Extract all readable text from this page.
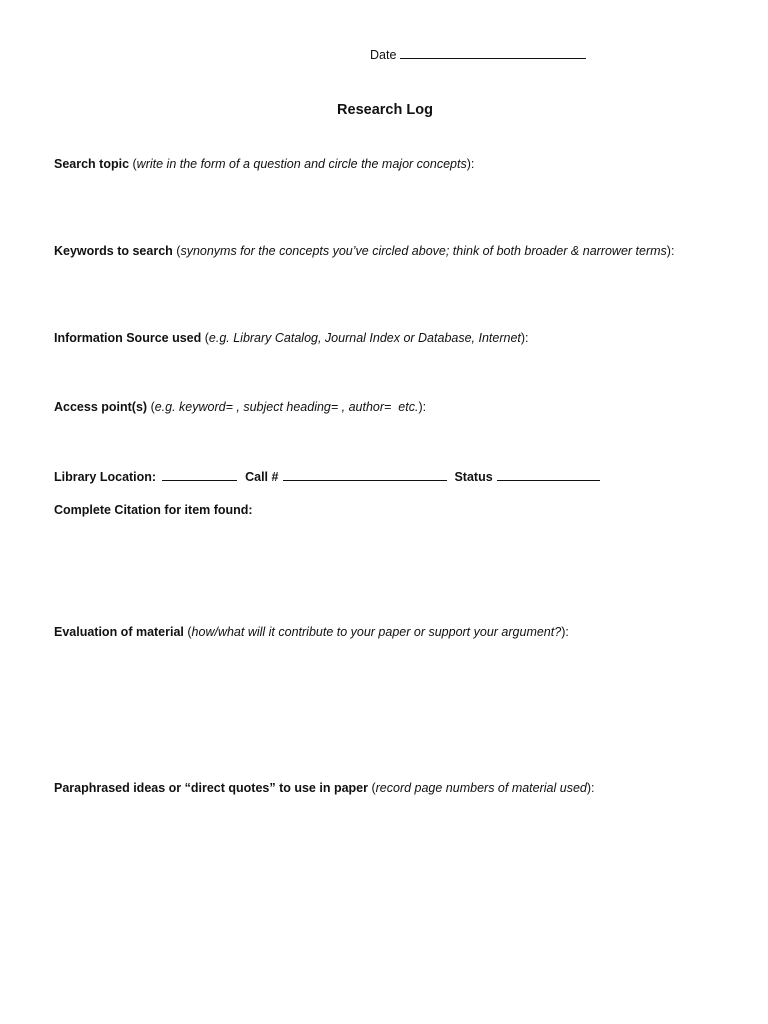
Date
Research Log
Search topic (write in the form of a question and circle the major concepts):
Keywords to search (synonyms for the concepts you’ve circled above; think of both broader & narrower terms):
Information Source used (e.g. Library Catalog, Journal Index or Database, Internet):
Access point(s) (e.g. keyword= , subject heading= , author=  etc.):
Library Location:	Call #	Status
Complete Citation for item found:
Evaluation of material (how/what will it contribute to your paper or support your argument?):
Paraphrased ideas or “direct quotes” to use in paper (record page numbers of material used):
